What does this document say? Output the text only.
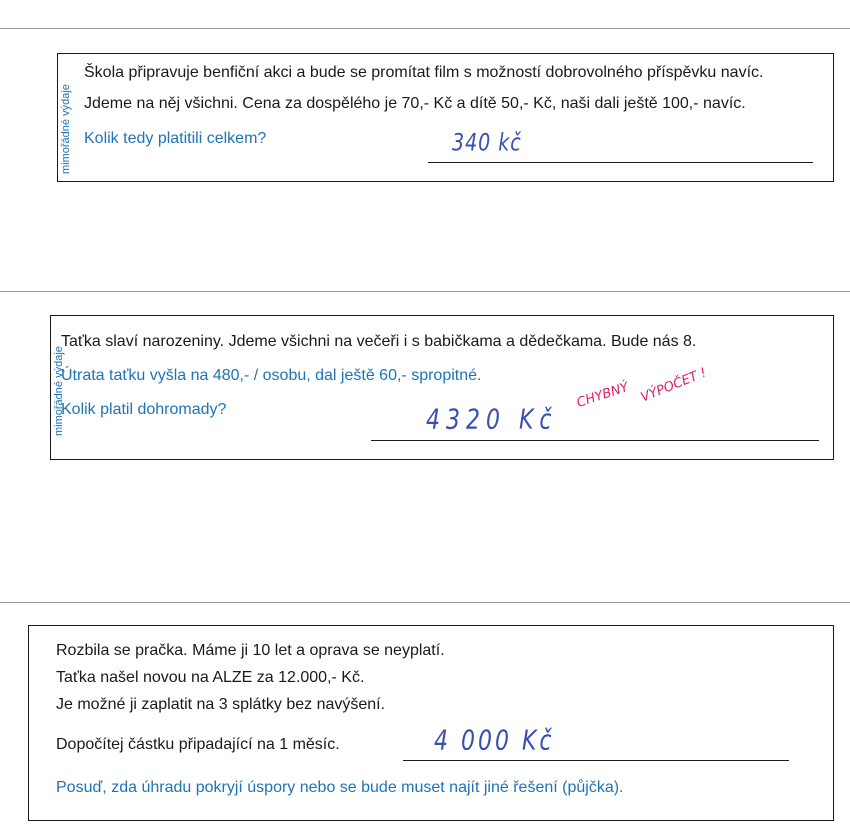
mimořádné výdaje
Škola připravuje benfiční akci a bude se promítat film s možností dobrovolného příspěvku navíc.
Jdeme na něj všichni. Cena za dospělého je 70,- Kč a dítě 50,- Kč, naši dali ještě 100,- navíc.
Kolik tedy platitili celkem?	340 kč
mimořádné výdaje
Taťka slaví narozeniny. Jdeme všichni na večeři i s babičkama a dědečkama. Bude nás 8.
Útrata taťku vyšla na 480,- / osobu, dal ještě 60,- spropitné.
Kolik platil dohromady?	4320 Kč
CHYBNÝ VÝPOČET !
Rozbila se pračka. Máme ji 10 let a oprava se neyplatí.
Taťka našel novou na ALZE za 12.000,- Kč.
Je možné ji zaplatit na 3 splátky bez navýšení.
Dopočítej částku připadající na 1 měsíc.	4 000 Kč
Posuď, zda úhradu pokryjí úspory nebo se bude muset najít jiné řešení (půjčka).
